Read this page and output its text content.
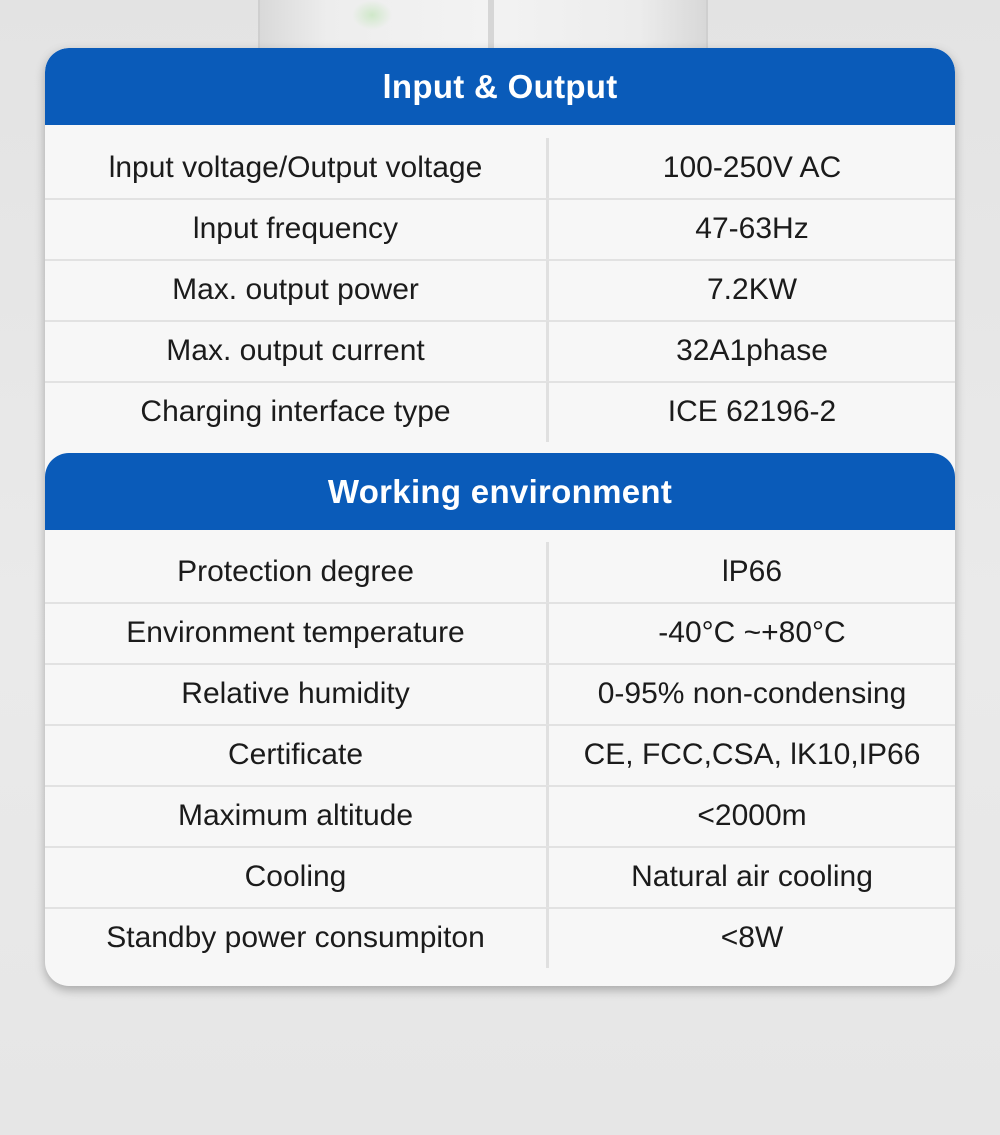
lnput & Output
lnput voltage/Output voltage	100-250V AC
lnput frequency	47-63Hz
Max. output power	7.2KW
Max. output current	32A1phase
Charging interface type	ICE 62196-2
Working environment
Protection degree	lP66
Environment temperature	-40°C ~+80°C
Relative humidity	0-95% non-condensing
Certificate	CE, FCC,CSA, lK10,IP66
Maximum altitude	<2000m
Cooling	Natural air cooling
Standby power consumpiton	<8W
